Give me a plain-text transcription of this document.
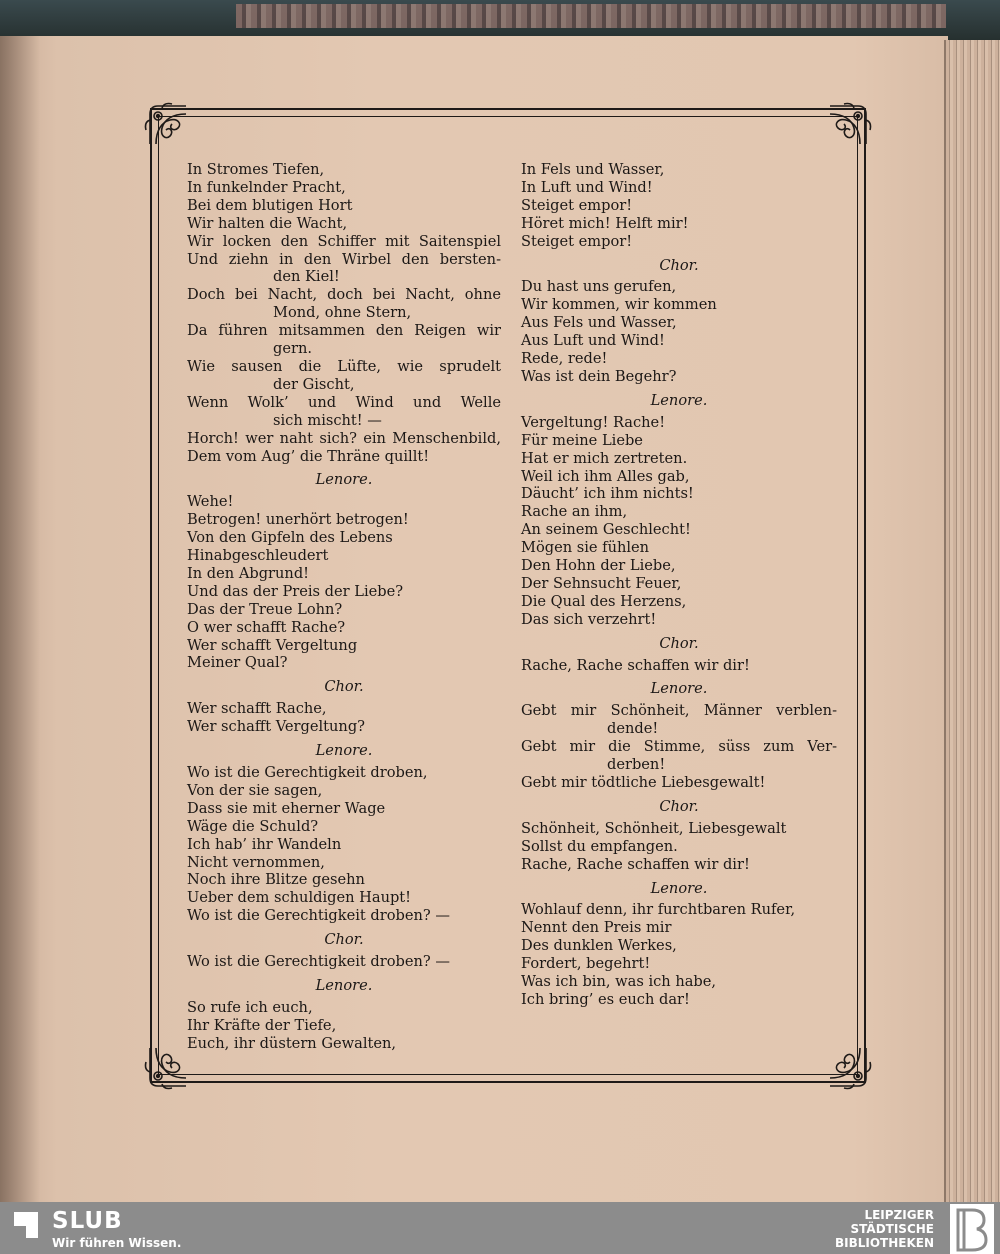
In Stromes Tiefen,
In funkelnder Pracht,
Bei dem blutigen Hort
Wir halten die Wacht,
Wir locken den Schiffer mit Saitenspiel
Und ziehn in den Wirbel den bersten-
den Kiel!
Doch bei Nacht, doch bei Nacht, ohne
Mond, ohne Stern,
Da führen mitsammen den Reigen wir
gern.
Wie sausen die Lüfte, wie sprudelt
der Gischt,
Wenn Wolk’ und Wind und Welle
sich mischt! —
Horch! wer naht sich? ein Menschenbild,
Dem vom Aug’ die Thräne quillt!
Lenore.
Wehe!
Betrogen! unerhört betrogen!
Von den Gipfeln des Lebens
Hinabgeschleudert
In den Abgrund!
Und das der Preis der Liebe?
Das der Treue Lohn?
O wer schafft Rache?
Wer schafft Vergeltung
Meiner Qual?
Chor.
Wer schafft Rache,
Wer schafft Vergeltung?
Lenore.
Wo ist die Gerechtigkeit droben,
Von der sie sagen,
Dass sie mit eherner Wage
Wäge die Schuld?
Ich hab’ ihr Wandeln
Nicht vernommen,
Noch ihre Blitze gesehn
Ueber dem schuldigen Haupt!
Wo ist die Gerechtigkeit droben? —
Chor.
Wo ist die Gerechtigkeit droben? —
Lenore.
So rufe ich euch,
Ihr Kräfte der Tiefe,
Euch, ihr düstern Gewalten,
In Fels und Wasser,
In Luft und Wind!
Steiget empor!
Höret mich! Helft mir!
Steiget empor!
Chor.
Du hast uns gerufen,
Wir kommen, wir kommen
Aus Fels und Wasser,
Aus Luft und Wind!
Rede, rede!
Was ist dein Begehr?
Lenore.
Vergeltung! Rache!
Für meine Liebe
Hat er mich zertreten.
Weil ich ihm Alles gab,
Däucht’ ich ihm nichts!
Rache an ihm,
An seinem Geschlecht!
Mögen sie fühlen
Den Hohn der Liebe,
Der Sehnsucht Feuer,
Die Qual des Herzens,
Das sich verzehrt!
Chor.
Rache, Rache schaffen wir dir!
Lenore.
Gebt mir Schönheit, Männer verblen-
dende!
Gebt mir die Stimme, süss zum Ver-
derben!
Gebt mir tödtliche Liebesgewalt!
Chor.
Schönheit, Schönheit, Liebesgewalt
Sollst du empfangen.
Rache, Rache schaffen wir dir!
Lenore.
Wohlauf denn, ihr furchtbaren Rufer,
Nennt den Preis mir
Des dunklen Werkes,
Fordert, begehrt!
Was ich bin, was ich habe,
Ich bring’ es euch dar!
SLUB
Wir führen Wissen.
LEIPZIGER
STÄDTISCHE
BIBLIOTHEKEN
